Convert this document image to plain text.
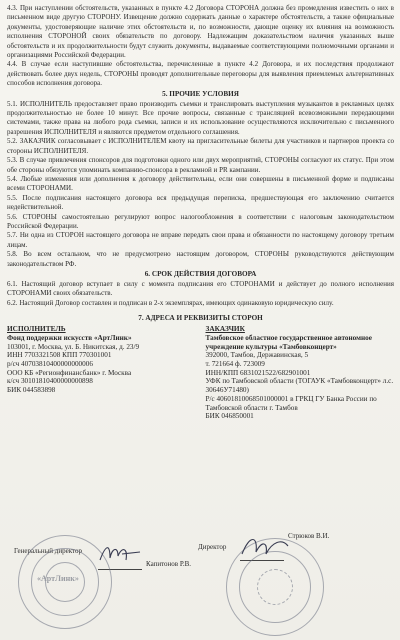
4.3. При наступлении обстоятельств, указанных в пункте 4.2 Договора СТОРОНА должна без промедления известить о них в письменном виде другую СТОРОНУ. Извещение должно содержать данные о характере обстоятельств, а также официальные документы, удостоверяющие наличие этих обстоятельств и, по возможности, дающие оценку их влияния на возможность исполнения СТОРОНОЙ своих обязательств по договору. Надлежащим доказательством наличия указанных выше обстоятельств и их продолжительности будут служить документы, выдаваемые соответствующими полномочными органами и организациями Российской Федерации.

4.4. В случае если наступившие обстоятельства, перечисленные в пункте 4.2 Договора, и их последствия продолжают действовать более двух недель, СТОРОНЫ проводят дополнительные переговоры для выявления приемлемых альтернативных способов исполнения договора.

5. ПРОЧИЕ УСЛОВИЯ

5.1. ИСПОЛНИТЕЛЬ предоставляет право производить съемки и транслировать выступления музыкантов в рекламных целях продолжительностью не более 10 минут. Все прочие вопросы, связанные с трансляцией всевозможными передающими системами, также права на любого рода съемки, записи и их использование осуществляются исключительно с письменного разрешения ИСПОЛНИТЕЛЯ и являются предметом отдельного соглашения.

5.2. ЗАКАЗЧИК согласовывает с ИСПОЛНИТЕЛЕМ квоту на пригласительные билеты для участников и партнеров проекта со стороны ИСПОЛНИТЕЛЯ.

5.3. В случае привлечения спонсоров для подготовки одного или двух мероприятий, СТОРОНЫ согласуют их статус. При этом обе стороны обязуются упоминать компанию-спонсора в рекламной и PR кампании.

5.4. Любые изменения или дополнения к договору действительны, если они совершены в письменной форме и подписаны всеми СТОРОНАМИ.

5.5. После подписания настоящего договора вся предыдущая переписка, предшествующая его заключению считается недействительной.

5.6. СТОРОНЫ самостоятельно регулируют вопрос налогообложения в соответствии с налоговым законодательством Российской Федерации.

5.7. Ни одна из СТОРОН настоящего договора не вправе передать свои права и обязанности по настоящему договору третьим лицам.

5.8. Во всем остальном, что не предусмотрено настоящим договором, СТОРОНЫ руководствуются действующим законодательством РФ.

6. СРОК ДЕЙСТВИЯ ДОГОВОРА

6.1. Настоящий договор вступает в силу с момента подписания его СТОРОНАМИ и действует до полного исполнения СТОРОНАМИ своих обязательств.

6.2. Настоящий Договор составлен и подписан в 2-х экземплярах, имеющих одинаковую юридическую силу.

7. АДРЕСА И РЕКВИЗИТЫ СТОРОН
ИСПОЛНИТЕЛЬ
Фонд поддержки искусств «АртЛинк»
103001, г. Москва, ул. Б. Никитская, д. 23/9
ИНН 7703321508 КПП 770301001
р/сч 40703810400000000006
ООО КБ «Регионфинансбанк» г. Москва
к/сч 30101810400000000898
БИК 044583898
ЗАКАЗЧИК
Тамбовское областное государственное автономное учреждение культуры «Тамбовконцерт»
392000, Тамбов, Державинская, 5
т. 721664 ф. 723009
ИНН/КПП 6831021522/682901001
УФК по Тамбовской области (ТОГАУК «Тамбовконцерт» л.с. 30646У71480)
Р/с 40601810068501000001 в ГРКЦ ГУ Банка России по Тамбовской области г. Тамбов
БИК 046850001
Генеральный директор
Капитонов Р.В.
Директор
Стрюков В.И.
«АртЛинк»
